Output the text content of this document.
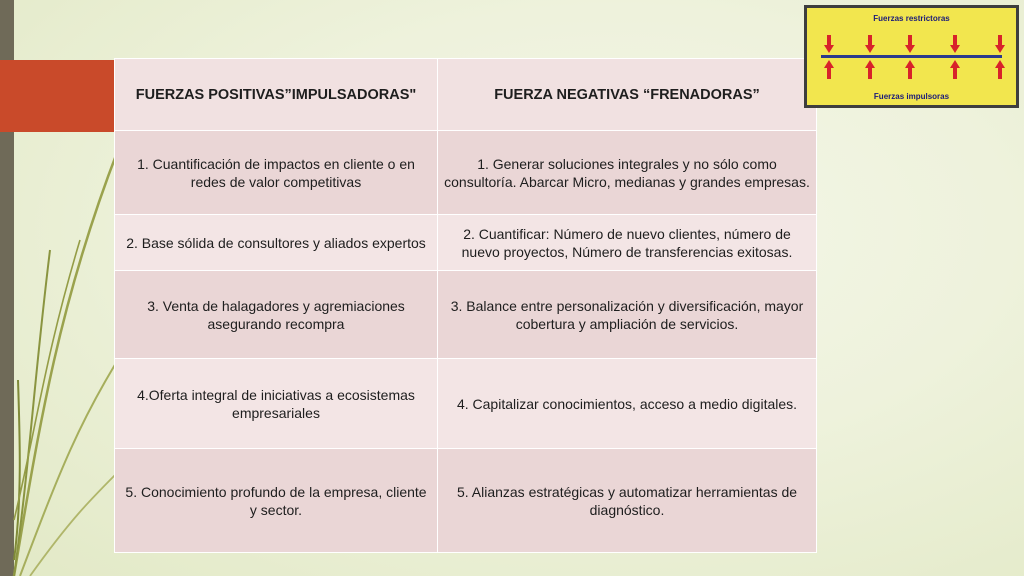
FUERZAS POSITIVAS”IMPULSADORAS"	FUERZA NEGATIVAS “FRENADORAS”
1. Cuantificación de impactos en cliente o en redes de valor competitivas	1. Generar soluciones integrales y no sólo como consultoría. Abarcar Micro, medianas y grandes empresas.
2. Base sólida de consultores y aliados expertos	2. Cuantificar: Número de nuevo clientes, número de nuevo proyectos, Número de transferencias exitosas.
3. Venta de halagadores y agremiaciones asegurando recompra	3. Balance entre personalización y diversificación, mayor cobertura y ampliación de servicios.
4.Oferta integral de iniciativas a ecosistemas empresariales	4. Capitalizar conocimientos, acceso a medio digitales.
5. Conocimiento profundo de la empresa, cliente y sector.	5. Alianzas estratégicas y automatizar herramientas de diagnóstico.
Fuerzas restrictoras
Fuerzas impulsoras
